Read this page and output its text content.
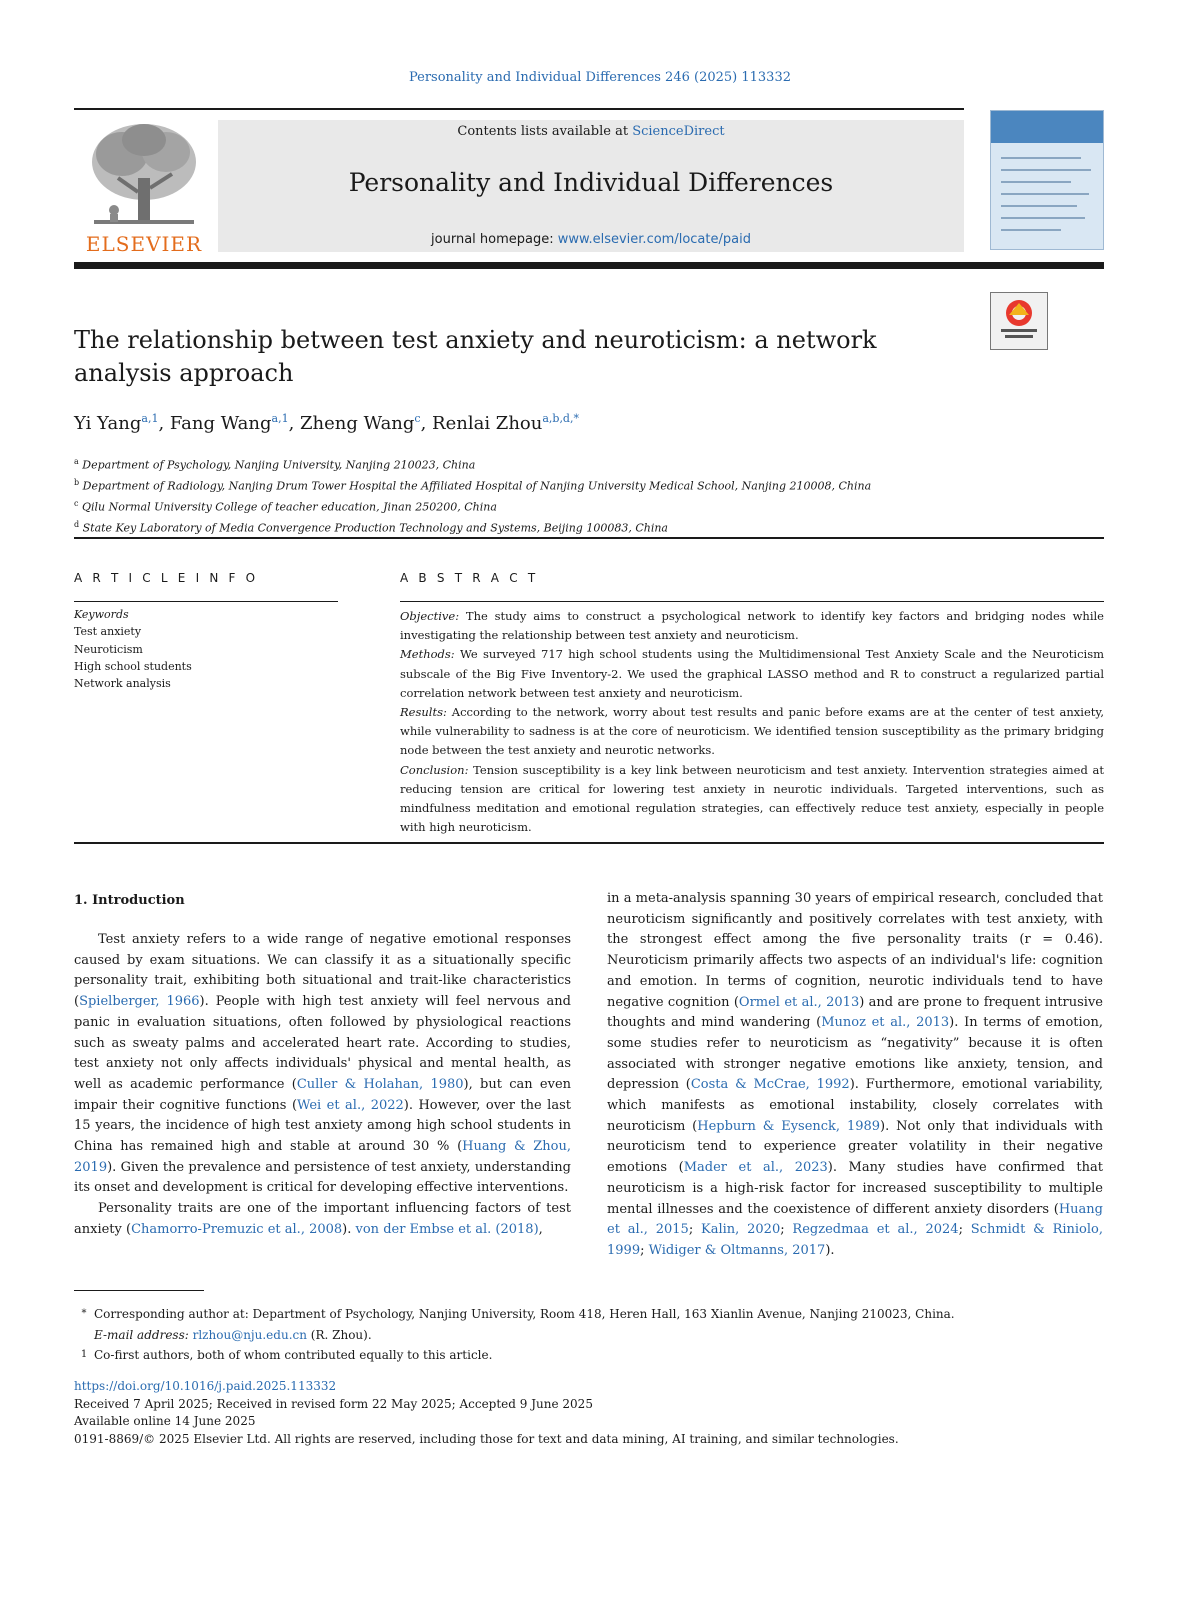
Personality and Individual Differences 246 (2025) 113332
ELSEVIER
Contents lists available at ScienceDirect
Personality and Individual Differences
journal homepage: www.elsevier.com/locate/paid
The relationship between test anxiety and neuroticism: a network analysis approach
Yi Yang$^{a,1}$, Fang Wang$^{a,1}$, Zheng Wang$^c$, Renlai Zhou$^{a,b,d,*}$
$^a$ Department of Psychology, Nanjing University, Nanjing 210023, China
$^b$ Department of Radiology, Nanjing Drum Tower Hospital the Affiliated Hospital of Nanjing University Medical School, Nanjing 210008, China
$^c$ Qilu Normal University College of teacher education, Jinan 250200, China
$^d$ State Key Laboratory of Media Convergence Production Technology and Systems, Beijing 100083, China
A R T I C L E I N F O	A B S T R A C T
Keywords
Test anxiety
Neuroticism
High school students
Network analysis
Objective: The study aims to construct a psychological network to identify key factors and bridging nodes while investigating the relationship between test anxiety and neuroticism.
Methods: We surveyed 717 high school students using the Multidimensional Test Anxiety Scale and the Neuroticism subscale of the Big Five Inventory-2. We used the graphical LASSO method and R to construct a regularized partial correlation network between test anxiety and neuroticism.
Results: According to the network, worry about test results and panic before exams are at the center of test anxiety, while vulnerability to sadness is at the core of neuroticism. We identified tension susceptibility as the primary bridging node between the test anxiety and neurotic networks.
Conclusion: Tension susceptibility is a key link between neuroticism and test anxiety. Intervention strategies aimed at reducing tension are critical for lowering test anxiety in neurotic individuals. Targeted interventions, such as mindfulness meditation and emotional regulation strategies, can effectively reduce test anxiety, especially in people with high neuroticism.
1. Introduction

Test anxiety refers to a wide range of negative emotional responses caused by exam situations. We can classify it as a situationally specific personality trait, exhibiting both situational and trait-like characteristics (Spielberger, 1966). People with high test anxiety will feel nervous and panic in evaluation situations, often followed by physiological reactions such as sweaty palms and accelerated heart rate. According to studies, test anxiety not only affects individuals' physical and mental health, as well as academic performance (Culler & Holahan, 1980), but can even impair their cognitive functions (Wei et al., 2022). However, over the last 15 years, the incidence of high test anxiety among high school students in China has remained high and stable at around 30 % (Huang & Zhou, 2019). Given the prevalence and persistence of test anxiety, understanding its onset and development is critical for developing effective interventions.

Personality traits are one of the important influencing factors of test anxiety (Chamorro-Premuzic et al., 2008). von der Embse et al. (2018),

in a meta-analysis spanning 30 years of empirical research, concluded that neuroticism significantly and positively correlates with test anxiety, with the strongest effect among the five personality traits (r = 0.46). Neuroticism primarily affects two aspects of an individual's life: cognition and emotion. In terms of cognition, neurotic individuals tend to have negative cognition (Ormel et al., 2013) and are prone to frequent intrusive thoughts and mind wandering (Munoz et al., 2013). In terms of emotion, some studies refer to neuroticism as “negativity” because it is often associated with stronger negative emotions like anxiety, tension, and depression (Costa & McCrae, 1992). Furthermore, emotional variability, which manifests as emotional instability, closely correlates with neuroticism (Hepburn & Eysenck, 1989). Not only that individuals with neuroticism tend to experience greater volatility in their negative emotions (Mader et al., 2023). Many studies have confirmed that neuroticism is a high-risk factor for increased susceptibility to multiple mental illnesses and the coexistence of different anxiety disorders (Huang et al., 2015; Kalin, 2020; Regzedmaa et al., 2024; Schmidt & Riniolo, 1999; Widiger & Oltmanns, 2017).

* Corresponding author at: Department of Psychology, Nanjing University, Room 418, Heren Hall, 163 Xianlin Avenue, Nanjing 210023, China.
E-mail address: rlzhou@nju.edu.cn (R. Zhou).
1 Co-first authors, both of whom contributed equally to this article.
https://doi.org/10.1016/j.paid.2025.113332
Received 7 April 2025; Received in revised form 22 May 2025; Accepted 9 June 2025
Available online 14 June 2025
0191-8869/© 2025 Elsevier Ltd. All rights are reserved, including those for text and data mining, AI training, and similar technologies.
